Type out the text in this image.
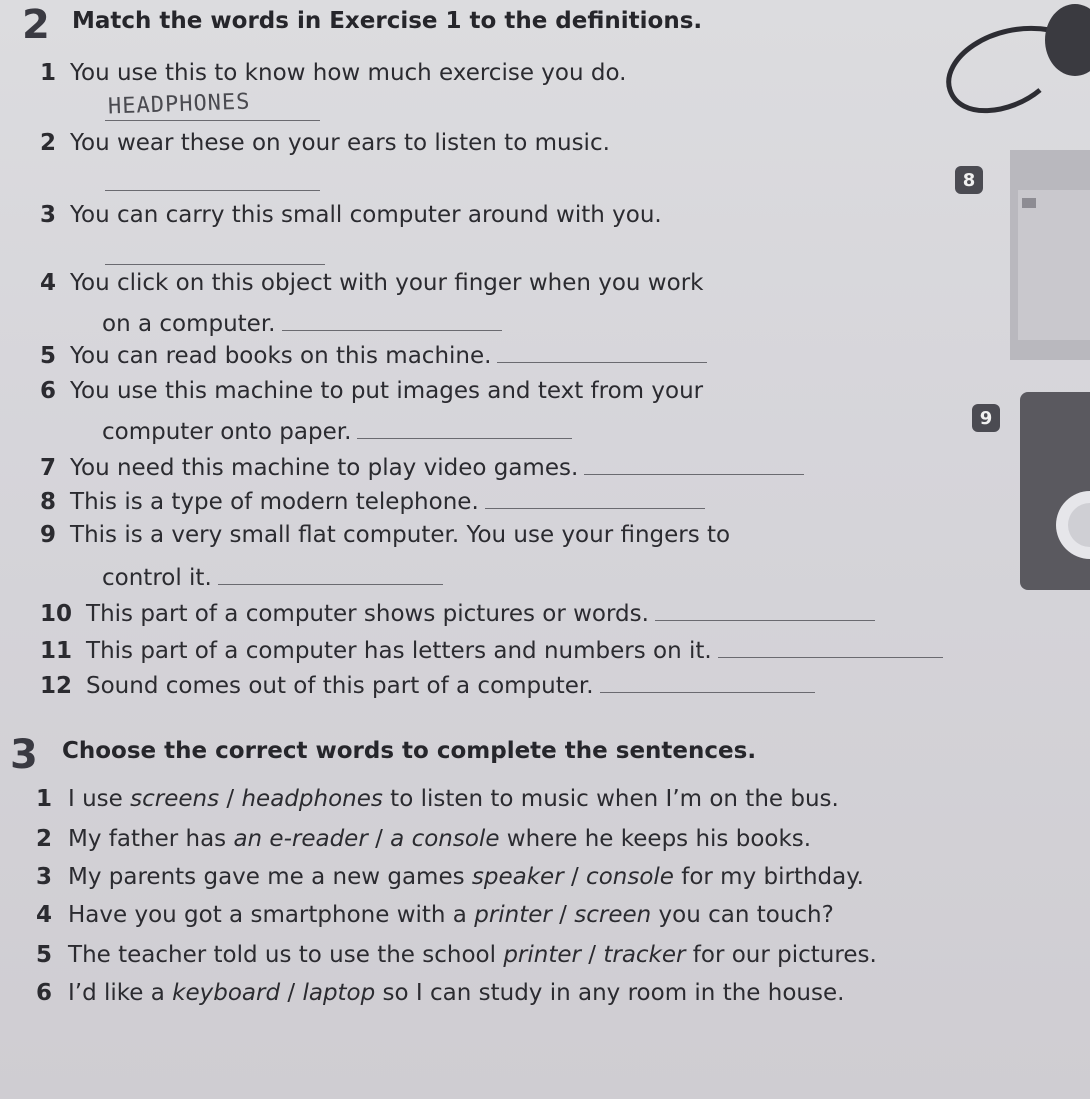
8
9
2 Match the words in Exercise 1 to the definitions.
1 You use this to know how much exercise you do.
HEADPHONES
2 You wear these on your ears to listen to music.
3 You can carry this small computer around with you.
4 You click on this object with your finger when you work
on a computer.
5 You can read books on this machine.
6 You use this machine to put images and text from your
computer onto paper.
7 You need this machine to play video games.
8 This is a type of modern telephone.
9 This is a very small flat computer. You use your fingers to
control it.
10 This part of a computer shows pictures or words.
11 This part of a computer has letters and numbers on it.
12 Sound comes out of this part of a computer.
3 Choose the correct words to complete the sentences.
1 I use screens / headphones to listen to music when I’m on the bus.
2 My father has an e-reader / a console where he keeps his books.
3 My parents gave me a new games speaker / console for my birthday.
4 Have you got a smartphone with a printer / screen you can touch?
5 The teacher told us to use the school printer / tracker for our pictures.
6 I’d like a keyboard / laptop so I can study in any room in the house.
